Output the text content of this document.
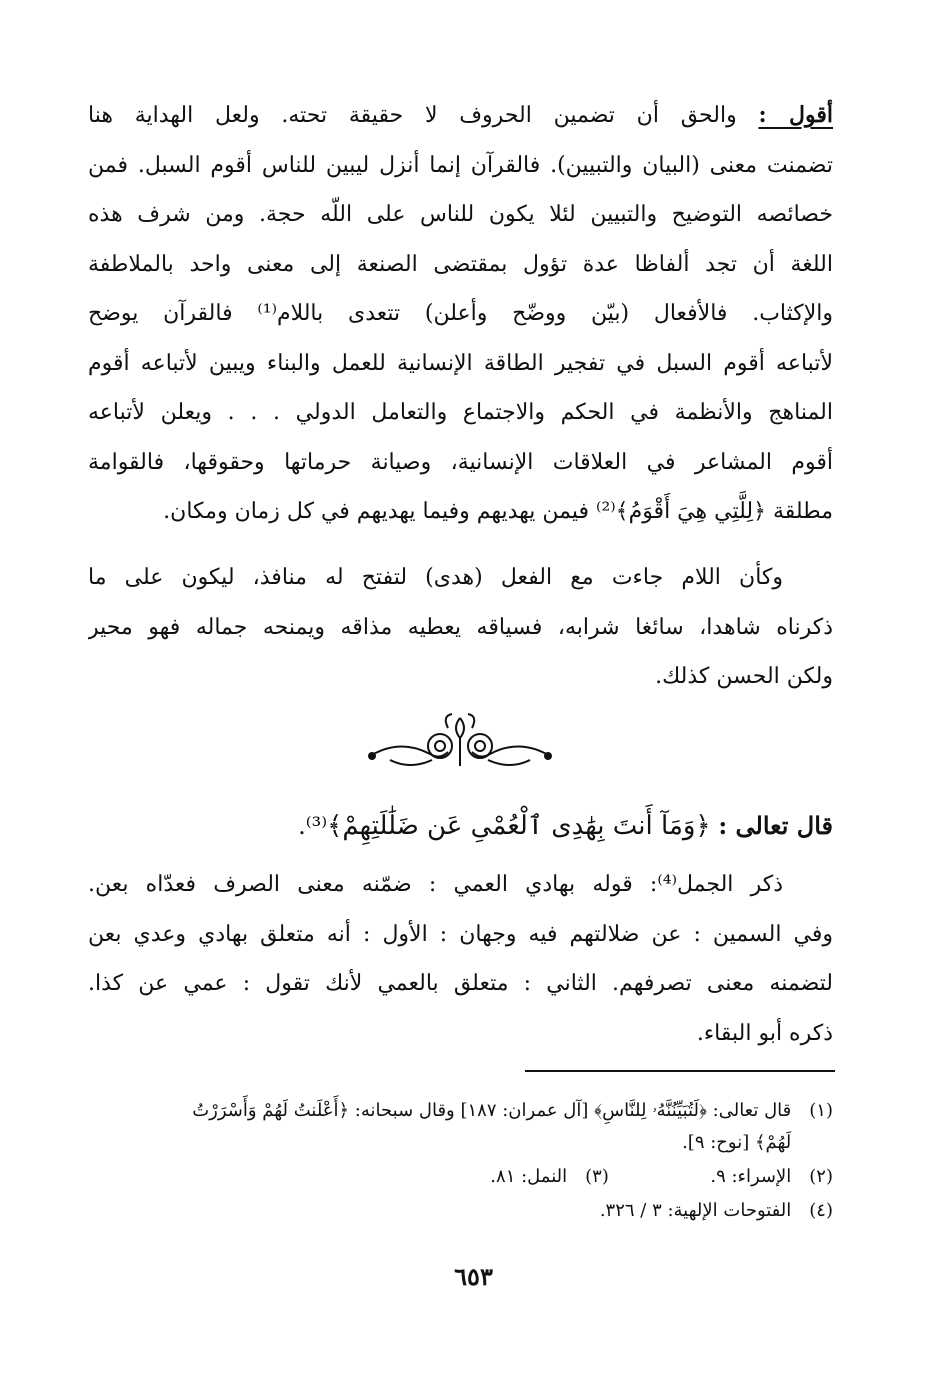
أقول : والحق أن تضمين الحروف لا حقيقة تحته. ولعل الهداية هنا
تضمنت معنى (البيان والتبيين). فالقرآن إنما أنزل ليبين للناس أقوم السبل. فمن
خصائصه التوضيح والتبيين لئلا يكون للناس على اللّه حجة. ومن شرف هذه
اللغة أن تجد ألفاظا عدة تؤول بمقتضى الصنعة إلى معنى واحد بالملاطفة
والإكثاب. فالأفعال (بيّن ووضّح وأعلن) تتعدى باللام⁽¹⁾ فالقرآن يوضح
لأتباعه أقوم السبل في تفجير الطاقة الإنسانية للعمل والبناء ويبين لأتباعه أقوم
المناهج والأنظمة في الحكم والاجتماع والتعامل الدولي . . . ويعلن لأتباعه
أقوم المشاعر في العلاقات الإنسانية، وصيانة حرماتها وحقوقها، فالقوامة
مطلقة ﴿لِلَّتِي هِيَ أَقْوَمُ﴾⁽²⁾ فيمن يهديهم وفيما يهديهم في كل زمان ومكان.
وكأن اللام جاءت مع الفعل (هدى) لتفتح له منافذ، ليكون على ما
ذكرناه شاهدا، سائغا شرابه، فسياقه يعطيه مذاقه ويمنحه جماله فهو محير
ولكن الحسن كذلك.
قال تعالى : ﴿وَمَآ أَنتَ بِهَٰدِى ٱلْعُمْىِ عَن ضَلَٰلَتِهِمْ﴾⁽³⁾.
ذكر الجمل⁽⁴⁾: قوله بهادي العمي : ضمّنه معنى الصرف فعدّاه بعن.
وفي السمين : عن ضلالتهم فيه وجهان : الأول : أنه متعلق بهادي وعدي بعن
لتضمنه معنى تصرفهم. الثاني : متعلق بالعمي لأنك تقول : عمي عن كذا.
ذكره أبو البقاء.
(١) قال تعالى: ﴿لَتُبَيِّنُنَّهُۥ لِلنَّاسِ﴾ [آل عمران: ١٨٧] وقال سبحانه: ﴿أَعْلَنتُ لَهُمْ وَأَسْرَرْتُ
لَهُمْ﴾ [نوح: ٩].
(٢) الإسراء: ٩.  (٣) النمل: ٨١.
(٤) الفتوحات الإلهية: ٣ / ٣٢٦.
٦٥٣
